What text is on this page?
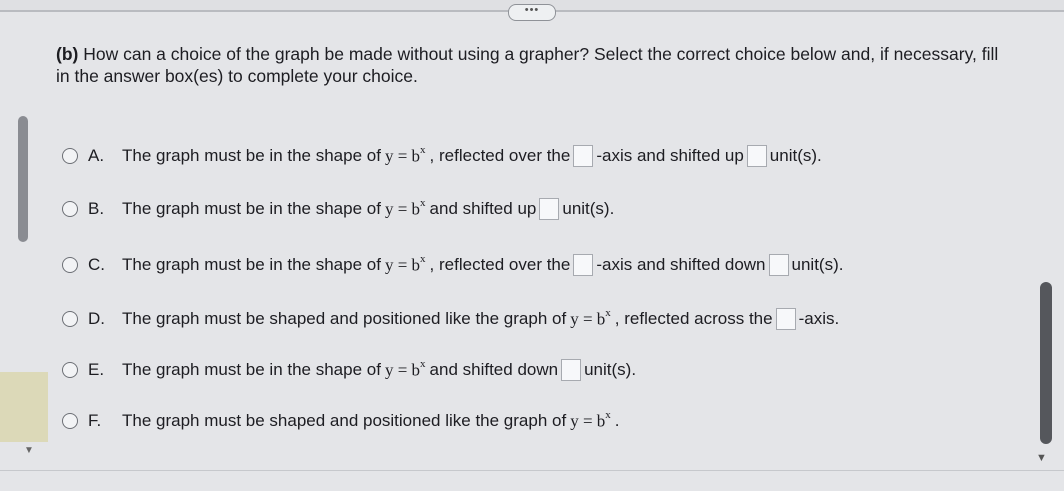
•••
(b) How can a choice of the graph be made without using a grapher? Select the correct choice below and, if necessary, fill in the answer box(es) to complete your choice.
▼
A.	The graph must be in the shape of $y = b^x$ , reflected over the -axis and shifted up unit(s).
B.	The graph must be in the shape of $y = b^x$ and shifted up unit(s).
C.	The graph must be in the shape of $y = b^x$ , reflected over the -axis and shifted down unit(s).
D.	The graph must be shaped and positioned like the graph of $y = b^x$ , reflected across the -axis.
E.	The graph must be in the shape of $y = b^x$ and shifted down unit(s).
F.	The graph must be shaped and positioned like the graph of $y = b^x$ .
▼
